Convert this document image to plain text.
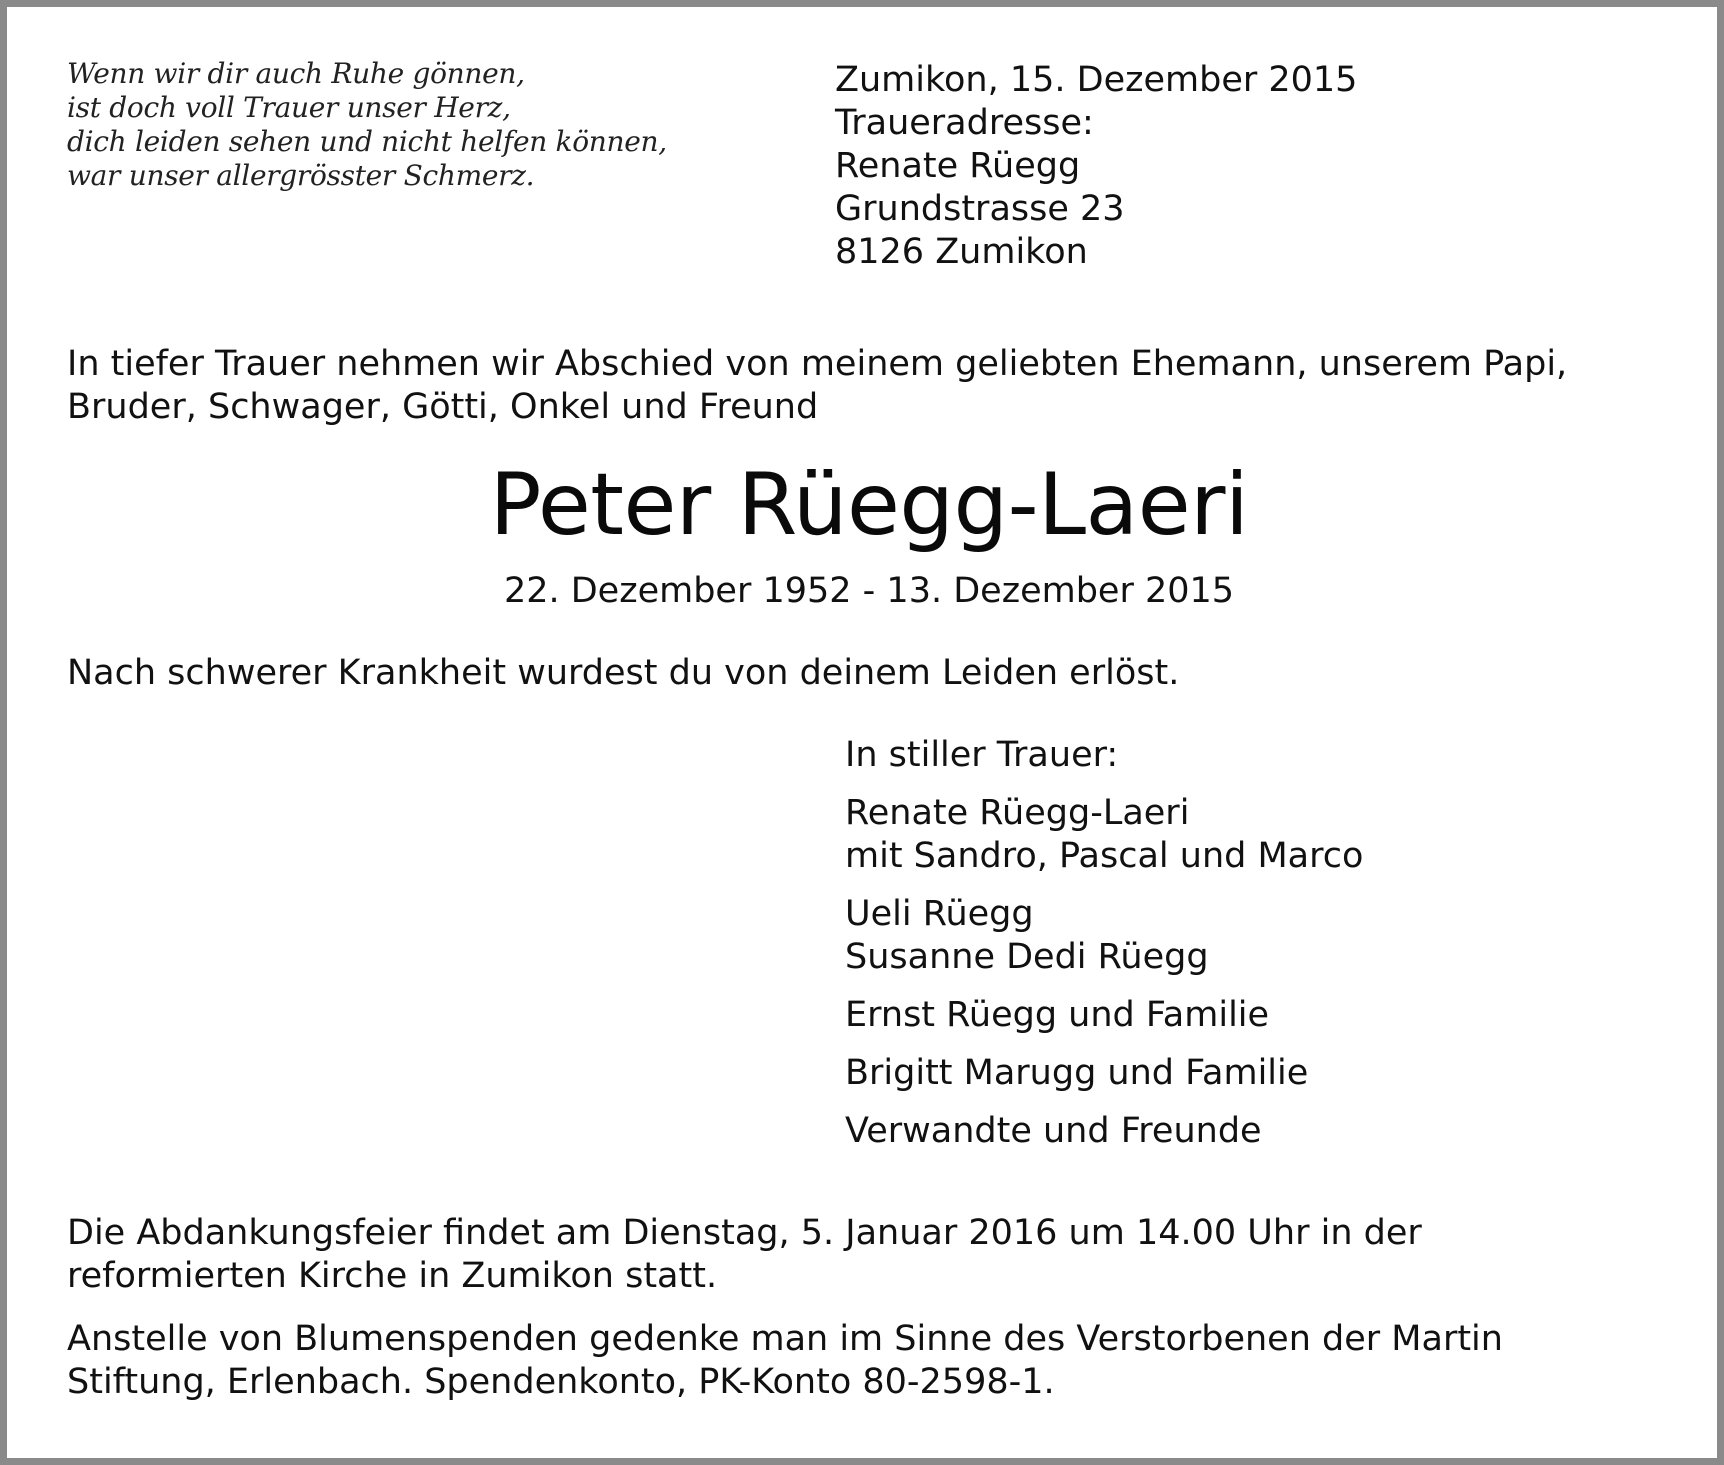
Wenn wir dir auch Ruhe gönnen,
ist doch voll Trauer unser Herz,
dich leiden sehen und nicht helfen können,
war unser allergrösster Schmerz.
Zumikon, 15. Dezember 2015
Traueradresse:
Renate Rüegg
Grundstrasse 23
8126 Zumikon
In tiefer Trauer nehmen wir Abschied von meinem geliebten Ehemann, unserem Papi,
Bruder, Schwager, Götti, Onkel und Freund
Peter Rüegg-Laeri
22. Dezember 1952 - 13. Dezember 2015
Nach schwerer Krankheit wurdest du von deinem Leiden erlöst.
In stiller Trauer:
Renate Rüegg-Laeri
mit Sandro, Pascal und Marco
Ueli Rüegg
Susanne Dedi Rüegg
Ernst Rüegg und Familie
Brigitt Marugg und Familie
Verwandte und Freunde
Die Abdankungsfeier findet am Dienstag, 5. Januar 2016 um 14.00 Uhr in der
reformierten Kirche in Zumikon statt.
Anstelle von Blumenspenden gedenke man im Sinne des Verstorbenen der Martin
Stiftung, Erlenbach. Spendenkonto, PK-Konto 80-2598-1.
